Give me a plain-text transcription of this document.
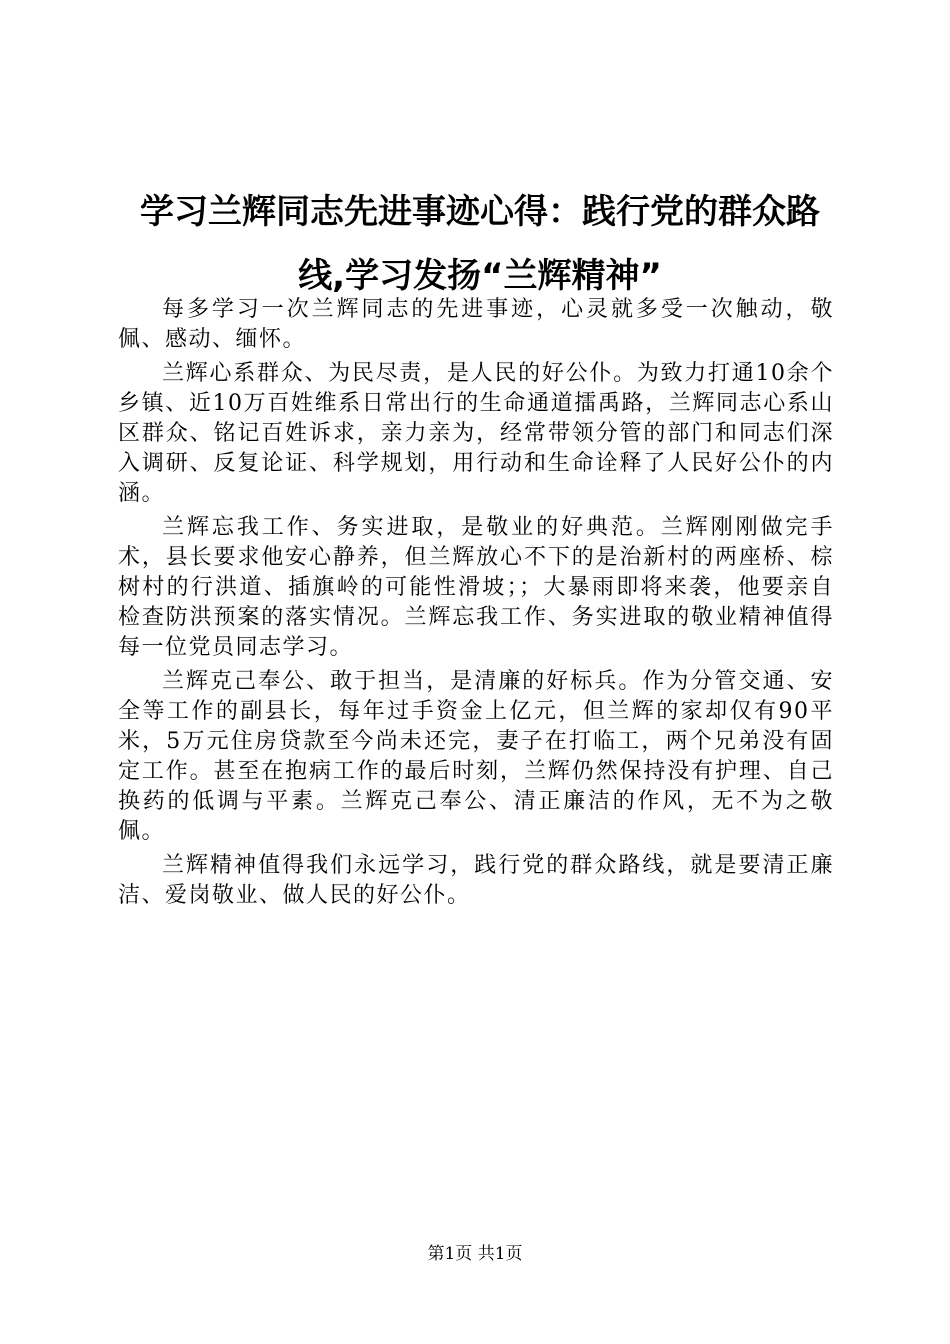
学习兰辉同志先进事迹心得：践行党的群众路线,学习发扬“兰辉精神”

每多学习一次兰辉同志的先进事迹，心灵就多受一次触动，敬佩、感动、缅怀。

兰辉心系群众、为民尽责，是人民的好公仆。为致力打通10余个乡镇、近10万百姓维系日常出行的生命通道擂禹路，兰辉同志心系山区群众、铭记百姓诉求，亲力亲为，经常带领分管的部门和同志们深入调研、反复论证、科学规划，用行动和生命诠释了人民好公仆的内涵。

兰辉忘我工作、务实进取，是敬业的好典范。兰辉刚刚做完手术，县长要求他安心静养，但兰辉放心不下的是治新村的两座桥、棕树村的行洪道、插旗岭的可能性滑坡；；大暴雨即将来袭，他要亲自检查防洪预案的落实情况。兰辉忘我工作、务实进取的敬业精神值得每一位党员同志学习。

兰辉克己奉公、敢于担当，是清廉的好标兵。作为分管交通、安全等工作的副县长，每年过手资金上亿元，但兰辉的家却仅有90平米，5万元住房贷款至今尚未还完，妻子在打临工，两个兄弟没有固定工作。甚至在抱病工作的最后时刻，兰辉仍然保持没有护理、自己换药的低调与平素。兰辉克己奉公、清正廉洁的作风，无不为之敬佩。

兰辉精神值得我们永远学习，践行党的群众路线，就是要清正廉洁、爱岗敬业、做人民的好公仆。

第1页 共1页
